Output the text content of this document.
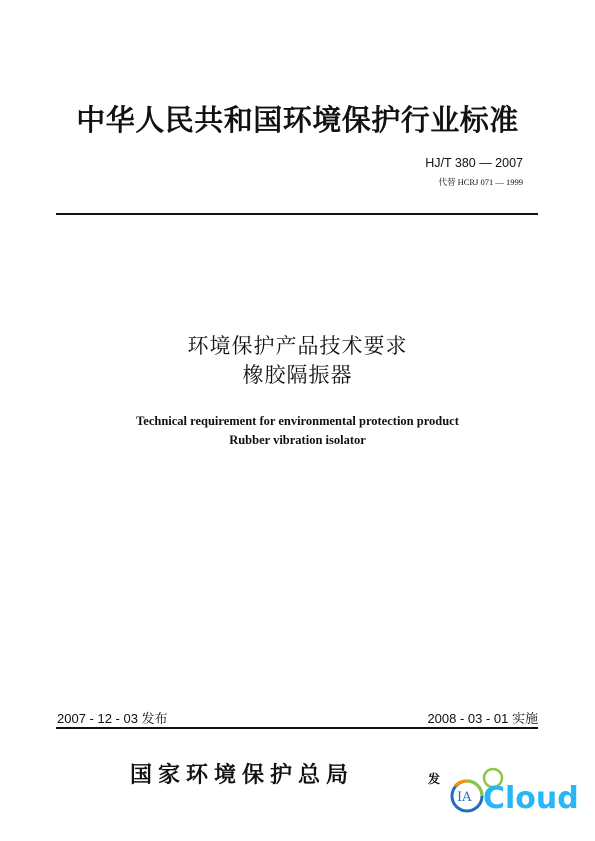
中华人民共和国环境保护行业标准
HJ/T 380 — 2007
代替 HCRJ 071 — 1999
环境保护产品技术要求
橡胶隔振器
Technical requirement for environmental protection product
Rubber vibration isolator
2007 - 12 - 03 发布	2008 - 03 - 01 实施
国家环境保护总局	发
IA Cloud
